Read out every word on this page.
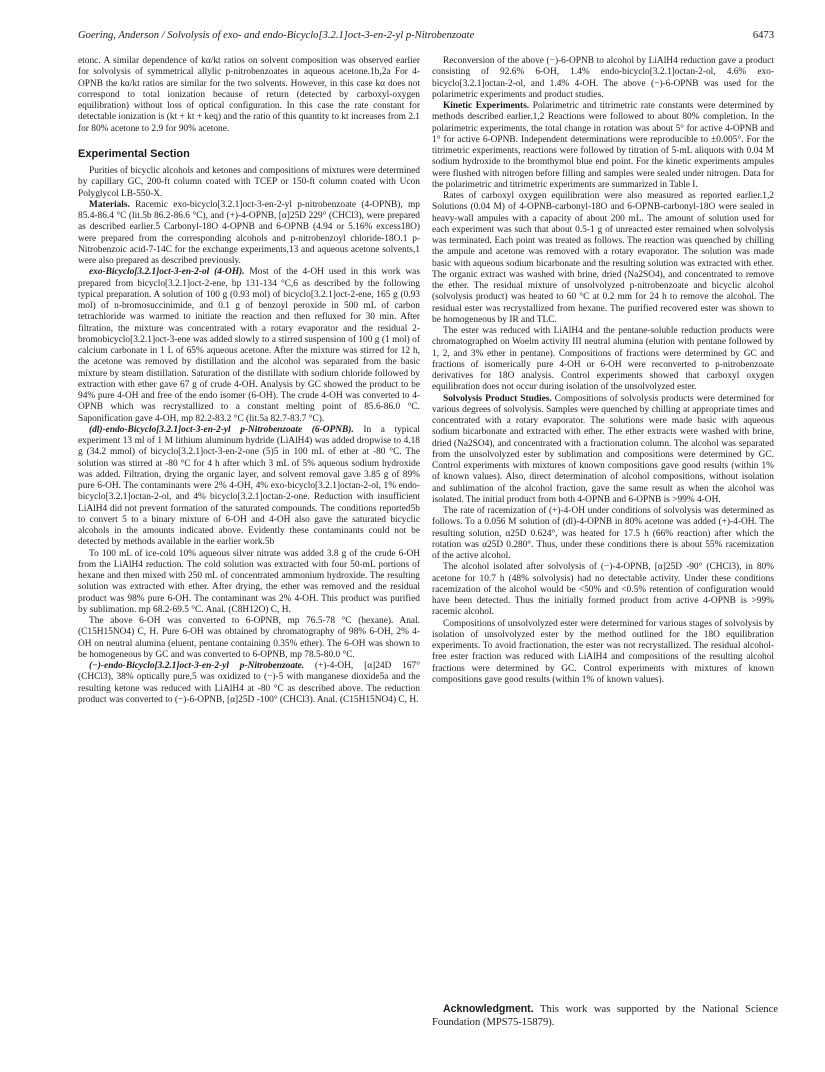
Goering, Anderson / Solvolysis of exo- and endo-Bicyclo[3.2.1]oct-3-en-2-yl p-Nitrobenzoate	6473

etonc. A similar dependence of kα/kt ratios on solvent composition was observed earlier for solvolysis of symmetrical allylic p-nitrobenzoates in aqueous acetone.1b,2a For 4-OPNB the kα/kt ratios are similar for the two solvents. However, in this case kα does not correspond to total ionization because of return (detected by carboxyl-oxygen equilibration) without loss of optical configuration. In this case the rate constant for detectable ionization is (kt + kt + keq) and the ratio of this quantity to kt increases from 2.1 for 80% acetone to 2.9 for 90% acetone.

Experimental Section

Purities of bicyclic alcohols and ketones and compositions of mixtures were determined by capillary GC, 200-ft column coated with TCEP or 150-ft column coated with Ucon Polyglycol LB-550-X.

Materials. Racemic exo-bicyclo[3.2.1]oct-3-en-2-yl p-nitrobenzoate (4-OPNB), mp 85.4-86.4 °C (lit.5b 86.2-86.6 °C), and (+)-4-OPNB, [α]25D 229° (CHCl3), were prepared as described earlier.5 Carbonyl-18O 4-OPNB and 6-OPNB (4.94 or 5.16% excess18O) were prepared from the corresponding alcohols and p-nitrobenzoyl chloride-18O.1 p-Nitrobenzoic acid-7-14C for the exchange experiments,13 and aqueous acetone solvents,1 were also prepared as described previously.

exo-Bicyclo[3.2.1]oct-3-en-2-ol (4-OH). Most of the 4-OH used in this work was prepared from bicyclo[3.2.1]oct-2-ene, bp 131-134 °C,6 as described by the following typical preparation. A solution of 100 g (0.93 mol) of bicyclo[3.2.1]oct-2-ene, 165 g (0.93 mol) of n-bromosuccinimide, and 0.1 g of benzoyl peroxide in 500 mL of carbon tetrachloride was warmed to initiate the reaction and then refluxed for 30 min. After filtration, the mixture was concentrated with a rotary evaporator and the residual 2-bromobicyclo[3.2.1]oct-3-ene was added slowly to a stirred suspension of 100 g (1 mol) of calcium carbonate in 1 L of 65% aqueous acetone. After the mixture was stirred for 12 h, the acetone was removed by distillation and the alcohol was separated from the basic mixture by steam distillation. Saturation of the distillate with sodium chloride followed by extraction with ether gave 67 g of crude 4-OH. Analysis by GC showed the product to be 94% pure 4-OH and free of the endo isomer (6-OH). The crude 4-OH was converted to 4-OPNB which was recrystallized to a constant melting point of 85.6-86.0 °C. Saponification gave 4-OH, mp 82.2-83.2 °C (lit.5a 82.7-83.7 °C).

(dl)-endo-Bicyclo[3.2.1]oct-3-en-2-yl p-Nitrobenzoate (6-OPNB). In a typical experiment 13 ml of 1 M lithium aluminum hydride (LiAlH4) was added dropwise to 4.18 g (34.2 mmol) of bicyclo[3.2.1]oct-3-en-2-one (5)5 in 100 mL of ether at -80 °C. The solution was stirred at -80 °C for 4 h after which 3 mL of 5% aqueous sodium hydroxide was added. Filtration, drying the organic layer, and solvent removal gave 3.85 g of 89% pure 6-OH. The contaminants were 2% 4-OH, 4% exo-bicyclo[3.2.1]octan-2-ol, 1% endo-bicyclo[3.2.1]octan-2-ol, and 4% bicyclo[3.2.1]octan-2-one. Reduction with insufficient LiAlH4 did not prevent formation of the saturated compounds. The conditions reported5b to convert 5 to a binary mixture of 6-OH and 4-OH also gave the saturated bicyclic alcohols in the amounts indicated above. Evidently these contaminants could not be detected by methods available in the earlier work.5b

To 100 mL of ice-cold 10% aqueous silver nitrate was added 3.8 g of the crude 6-OH from the LiAlH4 reduction. The cold solution was extracted with four 50-mL portions of hexane and then mixed with 250 mL of concentrated ammonium hydroxide. The resulting solution was extracted with ether. After drying, the ether was removed and the residual product was 98% pure 6-OH. The contaminant was 2% 4-OH. This product was purified by sublimation. mp 68.2-69.5 °C. Anal. (C8H12O) C, H.

The above 6-OH was converted to 6-OPNB, mp 76.5-78 °C (hexane). Anal. (C15H15NO4) C, H. Pure 6-OH was obtained by chromatography of 98% 6-OH, 2% 4-OH on neutral alumina (eluent, pentane containing 0.35% ether). The 6-OH was shown to be homogeneous by GC and was converted to 6-OPNB, mp 78.5-80.0 °C.

(−)-endo-Bicyclo[3.2.1]oct-3-en-2-yl p-Nitrobenzoate. (+)-4-OH, [α]24D 167° (CHCl3), 38% optically pure,5 was oxidized to (−)-5 with manganese dioxide5a and the resulting ketone was reduced with LiAlH4 at -80 °C as described above. The reduction product was converted to (−)-6-OPNB, [α]25D -100° (CHCl3). Anal. (C15H15NO4) C, H.

Reconversion of the above (−)-6-OPNB to alcohol by LiAlH4 reduction gave a product consisting of 92.6% 6-OH, 1.4% endo-bicyclo[3.2.1]octan-2-ol, 4.6% exo-bicyclo[3.2.1]octan-2-ol, and 1.4% 4-OH. The above (−)-6-OPNB was used for the polarimetric experiments and product studies.

Kinetic Experiments. Polarimetric and titrimetric rate constants were determined by methods described earlier.1,2 Reactions were followed to about 80% completion. In the polarimetric experiments, the total change in rotation was about 5° for active 4-OPNB and 1° for active 6-OPNB. Independent determinations were reproducible to ±0.005°. For the titrimetric experiments, reactions were followed by titration of 5-mL aliquots with 0.04 M sodium hydroxide to the bromthymol blue end point. For the kinetic experiments ampules were flushed with nitrogen before filling and samples were sealed under nitrogen. Data for the polarimetric and titrimetric experiments are summarized in Table I.

Rates of carboxyl oxygen equilibration were also measured as reported earlier.1,2 Solutions (0.04 M) of 4-OPNB-carbonyl-18O and 6-OPNB-carbonyl-18O were sealed in heavy-wall ampules with a capacity of about 200 mL. The amount of solution used for each experiment was such that about 0.5-1 g of unreacted ester remained when solvolysis was terminated. Each point was treated as follows. The reaction was quenched by chilling the ampule and acetone was removed with a rotary evaporator. The solution was made basic with aqueous sodium bicarbonate and the resulting solution was extracted with ether. The organic extract was washed with brine, dried (Na2SO4), and concentrated to remove the ether. The residual mixture of unsolvolyzed p-nitrobenzoate and bicyclic alcohol (solvolysis product) was heated to 60 °C at 0.2 mm for 24 h to remove the alcohol. The residual ester was recrystallized from hexane. The purified recovered ester was shown to be homogeneous by IR and TLC.

The ester was reduced with LiAlH4 and the pentane-soluble reduction products were chromatographed on Woelm activity III neutral alumina (elution with pentane followed by 1, 2, and 3% ether in pentane). Compositions of fractions were determined by GC and fractions of isomerically pure 4-OH or 6-OH were reconverted to p-nitrobenzoate derivatives for 18O analysis. Control experiments showed that carboxyl oxygen equilibration does not occur during isolation of the unsolvolyzed ester.

Solvolysis Product Studies. Compositions of solvolysis products were determined for various degrees of solvolysis. Samples were quenched by chilling at appropriate times and concentrated with a rotary evaporator. The solutions were made basic with aqueous sodium bicarbonate and extracted with ether. The ether extracts were washed with brine, dried (Na2SO4), and concentrated with a fractionation column. The alcohol was separated from the unsolvolyzed ester by sublimation and compositions were determined by GC. Control experiments with mixtures of known compositions gave good results (within 1% of known values). Also, direct determination of alcohol compositions, without isolation and sublimation of the alcohol fraction, gave the same result as when the alcohol was isolated. The initial product from both 4-OPNB and 6-OPNB is >99% 4-OH.

The rate of racemization of (+)-4-OH under conditions of solvolysis was determined as follows. To a 0.056 M solution of (dl)-4-OPNB in 80% acetone was added (+)-4-OH. The resulting solution, α25D 0.624°, was heated for 17.5 h (66% reaction) after which the rotation was α25D 0.280°. Thus, under these conditions there is about 55% racemization of the active alcohol.

The alcohol isolated after solvolysis of (−)-4-OPNB, [α]25D -90° (CHCl3), in 80% acetone for 10.7 h (48% solvolysis) had no detectable activity. Under these conditions racemization of the alcohol would be <50% and <0.5% retention of configuration would have been detected. Thus the initially formed product from active 4-OPNB is >99% racemic alcohol.

Compositions of unsolvolyzed ester were determined for various stages of solvolysis by isolation of unsolvolyzed ester by the method outlined for the 18O equilibration experiments. To avoid fractionation, the ester was not recrystallized. The residual alcohol-free ester fraction was reduced with LiAlH4 and compositions of the resulting alcohol fractions were determined by GC. Control experiments with mixtures of known compositions gave good results (within 1% of known values).

Acknowledgment. This work was supported by the National Science Foundation (MPS75-15879).
